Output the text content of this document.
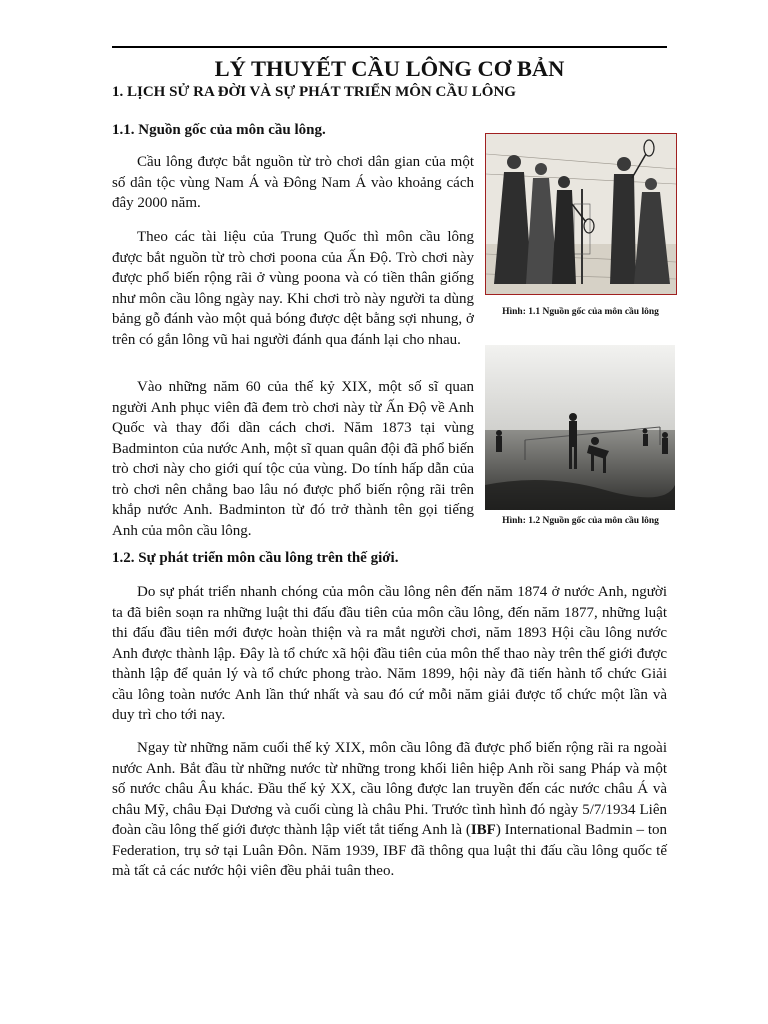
LÝ THUYẾT CẦU LÔNG CƠ BẢN
1. LỊCH SỬ RA ĐỜI VÀ SỰ PHÁT TRIỂN MÔN CẦU LÔNG
1.1. Nguồn gốc của môn cầu lông.

Cầu lông được bắt nguồn từ trò chơi dân gian của một số dân tộc vùng Nam Á và Đông Nam Á vào khoảng cách đây 2000 năm.

Theo các tài liệu của Trung Quốc thì môn cầu lông được bắt nguồn từ trò chơi poona của Ấn Độ. Trò chơi này được phổ biến rộng rãi ở vùng poona và có tiền thân giống như môn cầu lông ngày nay. Khi chơi trò này người ta dùng bảng gỗ đánh vào một quả bóng được dệt bằng sợi nhung, ở trên có gắn lông vũ hai người đánh qua đánh lại cho nhau.

Vào những năm 60 của thế kỷ XIX, một số sĩ quan người Anh phục viên đã đem trò chơi này từ Ấn Độ về Anh Quốc và thay đổi dần cách chơi. Năm 1873 tại vùng Badminton của nước Anh, một sĩ quan quân đội đã phổ biến trò chơi này cho giới quí tộc của vùng. Do tính hấp dẫn của trò chơi nên chẳng bao lâu nó được phổ biến rộng rãi trên khắp nước Anh. Badminton từ đó trở thành tên gọi tiếng Anh của môn cầu lông.

Hình: 1.1 Nguồn gốc của môn cầu lông
Hình: 1.2 Nguồn gốc của môn cầu lông
1.2. Sự phát triển môn cầu lông trên thế giới.

Do sự phát triển nhanh chóng của môn cầu lông nên đến năm 1874 ở nước Anh, người ta đã biên soạn ra những luật thi đấu đầu tiên của môn cầu lông, đến năm 1877, những luật thi đấu đầu tiên mới được hoàn thiện và ra mắt người chơi, năm 1893 Hội cầu lông nước Anh được thành lập. Đây là tổ chức xã hội đầu tiên của môn thể thao này trên thế giới được thành lập để quản lý và tổ chức phong trào. Năm 1899, hội này đã tiến hành tổ chức Giải cầu lông toàn nước Anh lần thứ nhất và sau đó cứ mỗi năm giải được tổ chức một lần và duy trì cho tới nay.

Ngay từ những năm cuối thế kỷ XIX, môn cầu lông đã được phổ biến rộng rãi ra ngoài nước Anh. Bắt đầu từ những nước từ những trong khối liên hiệp Anh rồi sang Pháp và một số nước châu Âu khác. Đầu thế kỷ XX, cầu lông được lan truyền đến các nước châu Á và châu Mỹ, châu Đại Dương và cuối cùng là châu Phi. Trước tình hình đó ngày 5/7/1934 Liên đoàn cầu lông thế giới được thành lập viết tắt tiếng Anh là (IBF) International Badmin – ton Federation, trụ sở tại Luân Đôn. Năm 1939, IBF đã thông qua luật thi đấu cầu lông quốc tế mà tất cả các nước hội viên đều phải tuân theo.
